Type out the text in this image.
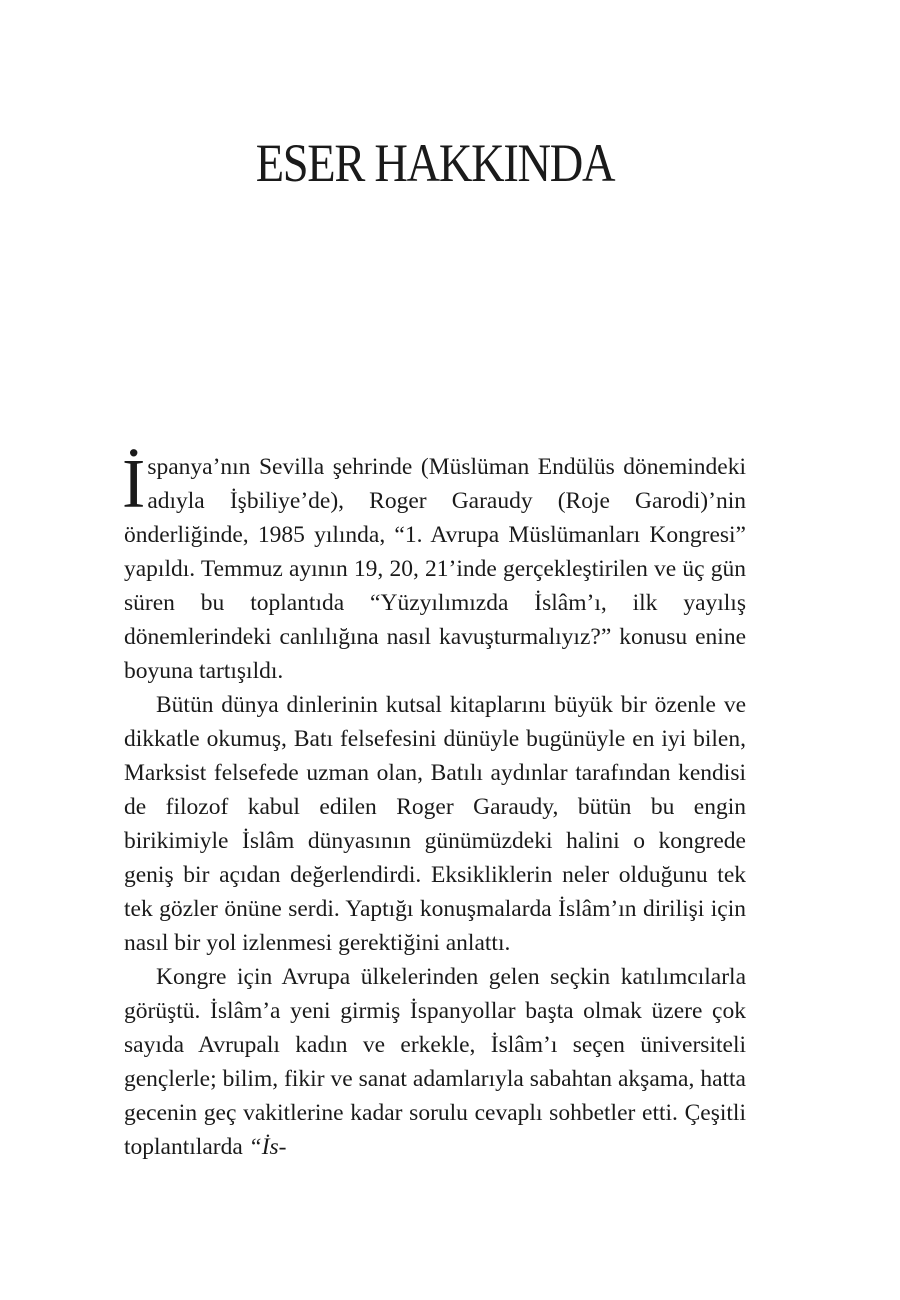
ESER HAKKINDA

İspanya’nın Sevilla şehrinde (Müslüman Endülüs dönemindeki adıyla İşbiliye’de), Roger Garaudy (Roje Garodi)’nin önderliğinde, 1985 yılında, “1. Avrupa Müslümanları Kongresi” yapıldı. Temmuz ayının 19, 20, 21’inde gerçekleştirilen ve üç gün süren bu toplantıda “Yüzyılımızda İslâm’ı, ilk yayılış dönemlerindeki canlılığına nasıl kavuşturmalıyız?” konusu enine boyuna tartışıldı.

Bütün dünya dinlerinin kutsal kitaplarını büyük bir özenle ve dikkatle okumuş, Batı felsefesini dünüyle bugünüyle en iyi bilen, Marksist felsefede uzman olan, Batılı aydınlar tarafından kendisi de filozof kabul edilen Roger Garaudy, bütün bu engin birikimiyle İslâm dünyasının günümüzdeki halini o kongrede geniş bir açıdan değerlendirdi. Eksikliklerin neler olduğunu tek tek gözler önüne serdi. Yaptığı konuşmalarda İslâm’ın dirilişi için nasıl bir yol izlenmesi gerektiğini anlattı.

Kongre için Avrupa ülkelerinden gelen seçkin katılımcılarla görüştü. İslâm’a yeni girmiş İspanyollar başta olmak üzere çok sayıda Avrupalı kadın ve erkekle, İslâm’ı seçen üniversiteli gençlerle; bilim, fikir ve sanat adamlarıyla sabahtan akşama, hatta gecenin geç vakitlerine kadar sorulu cevaplı sohbetler etti. Çeşitli toplantılarda “İs-
